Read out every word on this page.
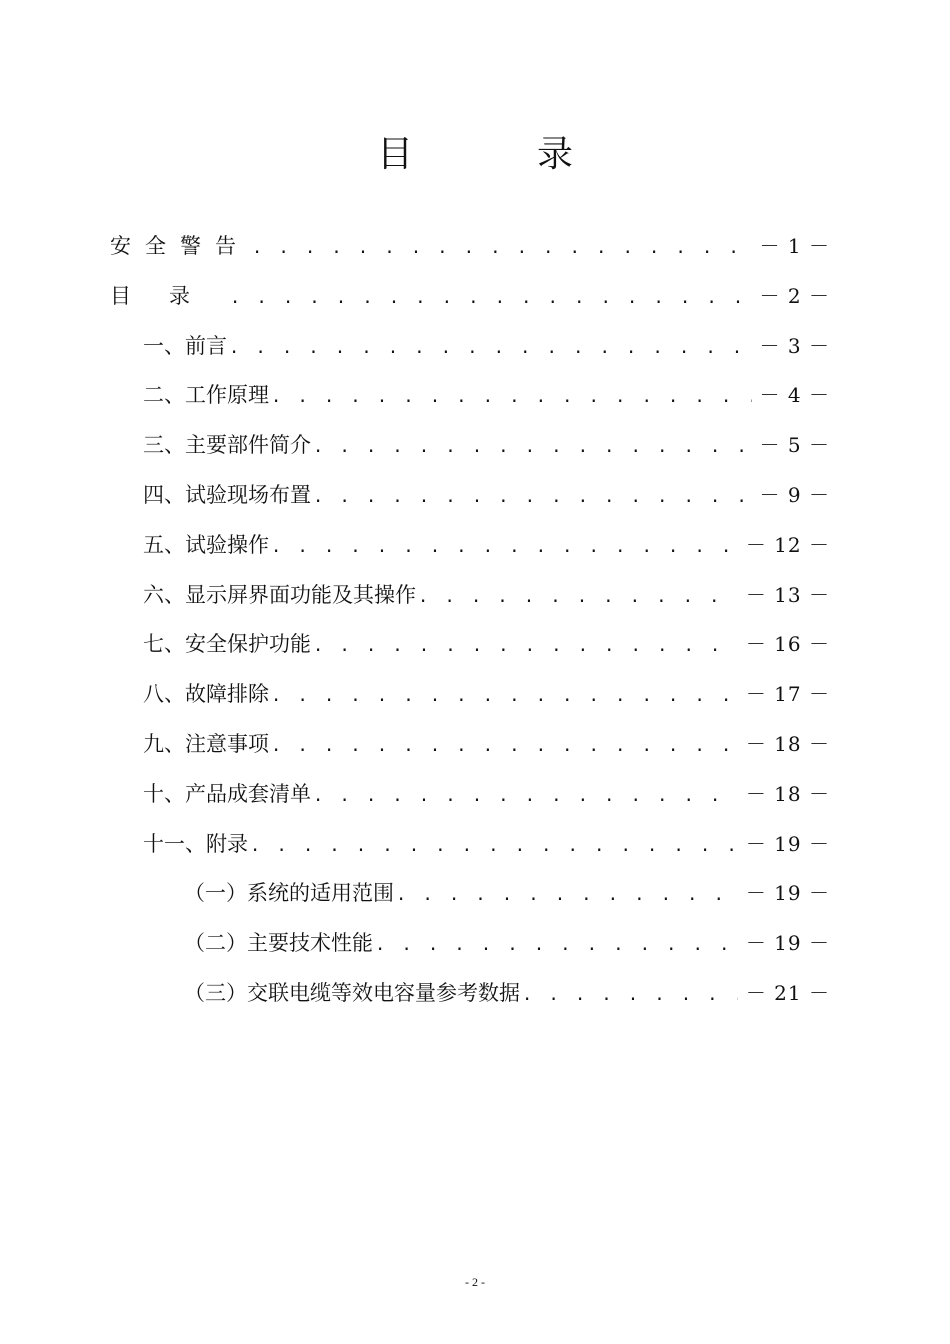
目　录
安全警告 . . .	－ 1 －
目录 . . .	－ 2 －
一、前言 . . .	－ 3 －
二、工作原理 . . .	－ 4 －
三、主要部件简介 . . .	－ 5 －
四、试验现场布置 . . .	－ 9 －
五、试验操作 . . .	－ 12 －
六、显示屏界面功能及其操作 . . .	－ 13 －
七、安全保护功能 . . .	－ 16 －
八、故障排除 . . .	－ 17 －
九、注意事项 . . .	－ 18 －
十、产品成套清单 . . .	－ 18 －
十一、附录 . . .	－ 19 －
（一）系统的适用范围 . . .	－ 19 －
（二）主要技术性能 . . .	－ 19 －
（三）交联电缆等效电容量参考数据 . . .	－ 21 －
- 2 -
